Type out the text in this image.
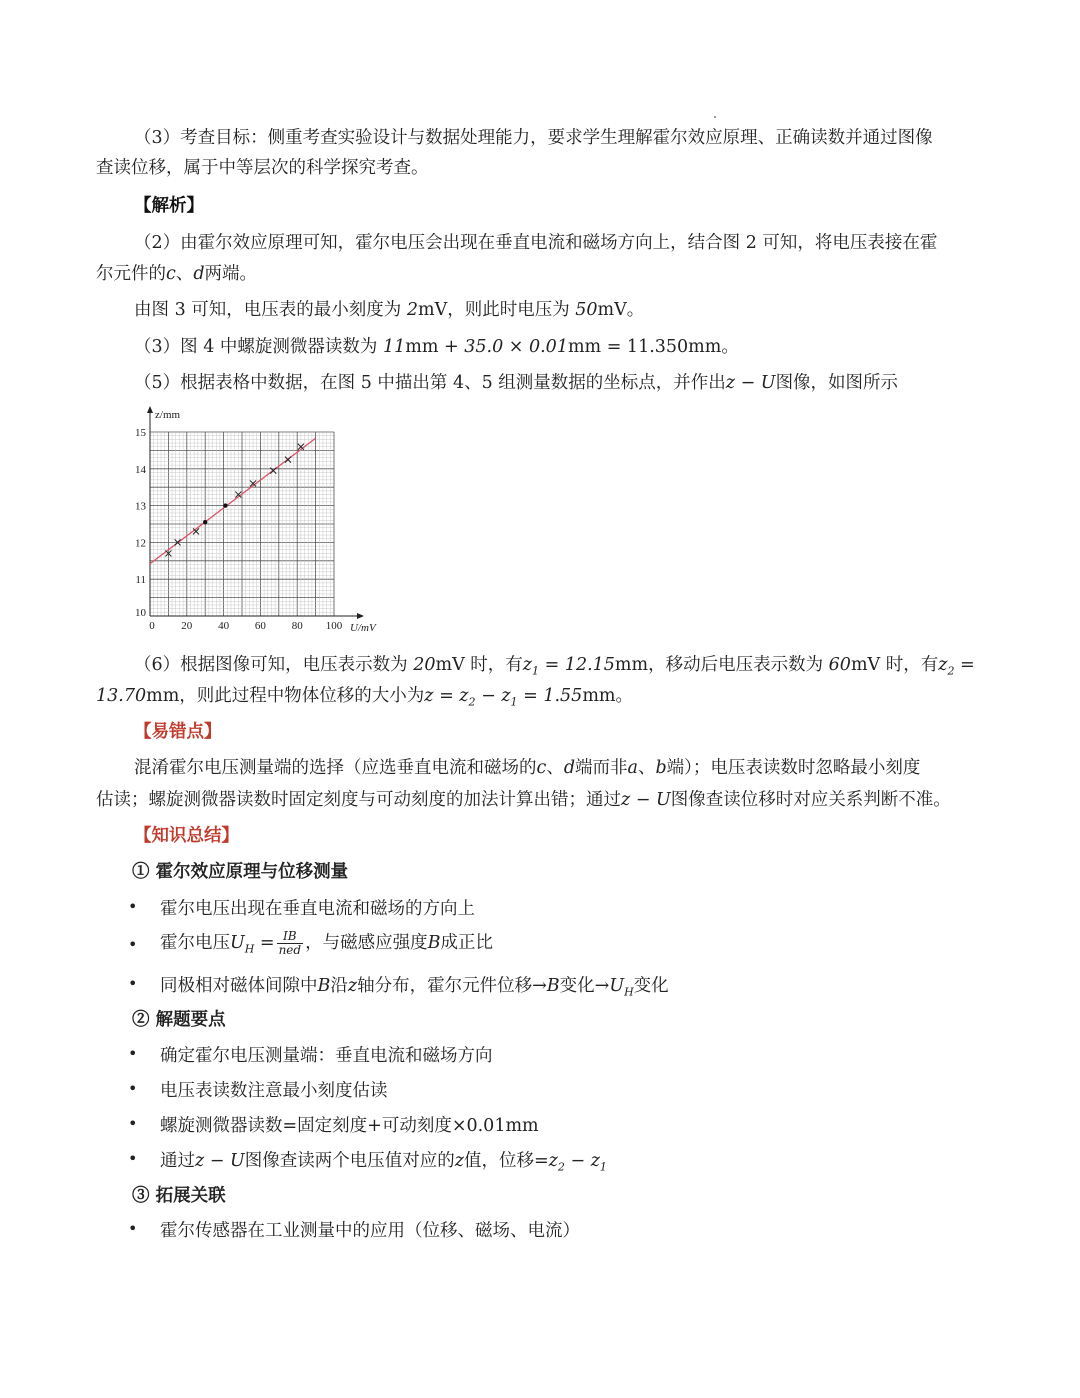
（3）考查目标：侧重考查实验设计与数据处理能力，要求学生理解霍尔效应原理、正确读数并通过图像
查读位移，属于中等层次的科学探究考查。
【解析】
（2）由霍尔效应原理可知，霍尔电压会出现在垂直电流和磁场方向上，结合图 2 可知，将电压表接在霍
尔元件的c、d两端。
由图 3 可知，电压表的最小刻度为 2mV，则此时电压为 50mV。
（3）图 4 中螺旋测微器读数为 11mm + 35.0 × 0.01mm = 11.350mm。
（5）根据表格中数据，在图 5 中描出第 4、5 组测量数据的坐标点，并作出z − U图像，如图所示
0 20 40 60 80 100
10
11
12
13
14
15
z/mm
U/mV
（6）根据图像可知，电压表示数为 20mV 时，有$z_1 = 12.15mm$，移动后电压表示数为 60mV 时，有$z_2$ =
13.70mm，则此过程中物体位移的大小为$z = z_2 - z_1 = 1.55mm$。
【易错点】
混淆霍尔电压测量端的选择（应选垂直电流和磁场的c、d端而非a、b端）；电压表读数时忽略最小刻度
估读；螺旋测微器读数时固定刻度与可动刻度的加法计算出错；通过z − U图像查读位移时对应关系判断不准。
【知识总结】
① 霍尔效应原理与位移测量
• 霍尔电压出现在垂直电流和磁场的方向上
• 霍尔电压$U_H = \frac{IB}{\text{ned}}$ ，与磁感应强度B成正比
• 同极相对磁体间隙中B沿z轴分布，霍尔元件位移→B变化$\to U_H$变化
② 解题要点
• 确定霍尔电压测量端：垂直电流和磁场方向
• 电压表读数注意最小刻度估读
• 螺旋测微器读数=固定刻度+可动刻度×0.01mm
• 通过z − U图像查读两个电压值对应的z值，位移$=z_2 - z_1$
③ 拓展关联
• 霍尔传感器在工业测量中的应用（位移、磁场、电流）
